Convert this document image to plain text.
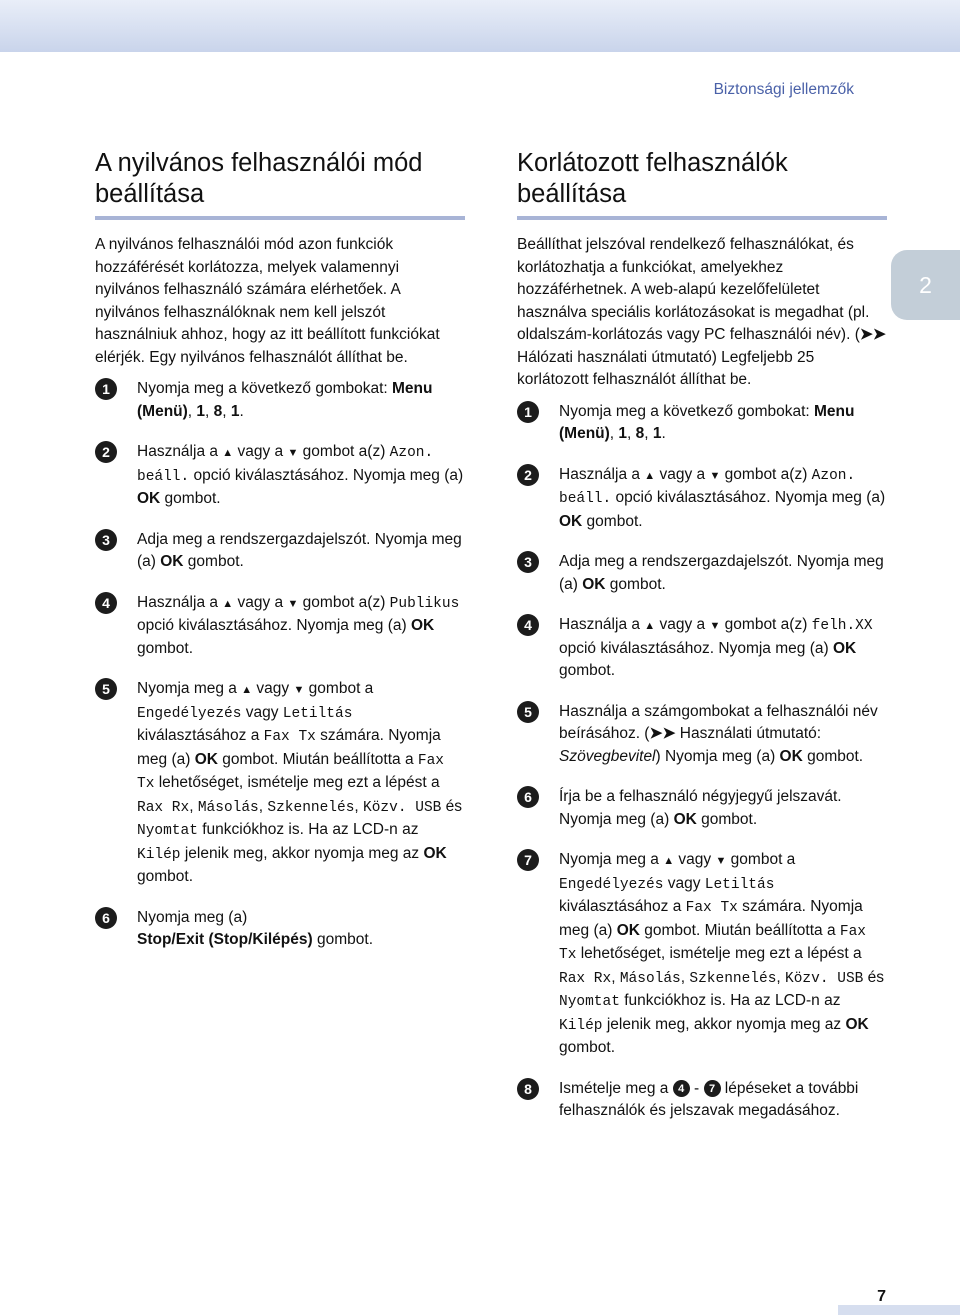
Biztonsági jellemzők
2
A nyilvános felhasználói mód
beállítása

A nyilvános felhasználói mód azon funkciók hozzáférését korlátozza, melyek valamennyi nyilvános felhasználó számára elérhetőek. A nyilvános felhasználóknak nem kell jelszót használniuk ahhoz, hogy az itt beállított funkciókat elérjék. Egy nyilvános felhasználót állíthat be.

1	Nyomja meg a következő gombokat: Menu (Menü), 1, 8, 1.
2	Használja a ▲ vagy a ▼ gombot a(z) Azon. beáll. opció kiválasztásához. Nyomja meg (a) OK gombot.
3	Adja meg a rendszergazdajelszót. Nyomja meg (a) OK gombot.
4	Használja a ▲ vagy a ▼ gombot a(z) Publikus opció kiválasztásához. Nyomja meg (a) OK gombot.
5	Nyomja meg a ▲ vagy ▼ gombot a Engedélyezés vagy Letiltás kiválasztásához a Fax Tx számára. Nyomja meg (a) OK gombot. Miután beállította a Fax Tx lehetőséget, ismételje meg ezt a lépést a Rax Rx, Másolás, Szkennelés, Közv. USB és Nyomtat funkciókhoz is. Ha az LCD-n az Kilép jelenik meg, akkor nyomja meg az OK gombot.
6	Nyomja meg (a)
Stop/Exit (Stop/Kilépés) gombot.
Korlátozott felhasználók
beállítása

Beállíthat jelszóval rendelkező felhasználókat, és korlátozhatja a funkciókat, amelyekhez hozzáférhetnek. A web-alapú kezelőfelületet használva speciális korlátozásokat is megadhat (pl. oldalszám-korlátozás vagy PC felhasználói név). (➤➤ Hálózati használati útmutató) Legfeljebb 25 korlátozott felhasználót állíthat be.

1	Nyomja meg a következő gombokat: Menu (Menü), 1, 8, 1.
2	Használja a ▲ vagy a ▼ gombot a(z) Azon. beáll. opció kiválasztásához. Nyomja meg (a) OK gombot.
3	Adja meg a rendszergazdajelszót. Nyomja meg (a) OK gombot.
4	Használja a ▲ vagy a ▼ gombot a(z) felh.XX opció kiválasztásához. Nyomja meg (a) OK gombot.
5	Használja a számgombokat a felhasználói név beírásához. (➤➤ Használati útmutató: Szövegbevitel) Nyomja meg (a) OK gombot.
6	Írja be a felhasználó négyjegyű jelszavát. Nyomja meg (a) OK gombot.
7	Nyomja meg a ▲ vagy ▼ gombot a Engedélyezés vagy Letiltás kiválasztásához a Fax Tx számára. Nyomja meg (a) OK gombot. Miután beállította a Fax Tx lehetőséget, ismételje meg ezt a lépést a Rax Rx, Másolás, Szkennelés, Közv. USB és Nyomtat funkciókhoz is. Ha az LCD-n az Kilép jelenik meg, akkor nyomja meg az OK gombot.
8	Ismételje meg a 4 - 7 lépéseket a további felhasználók és jelszavak megadásához.
7
